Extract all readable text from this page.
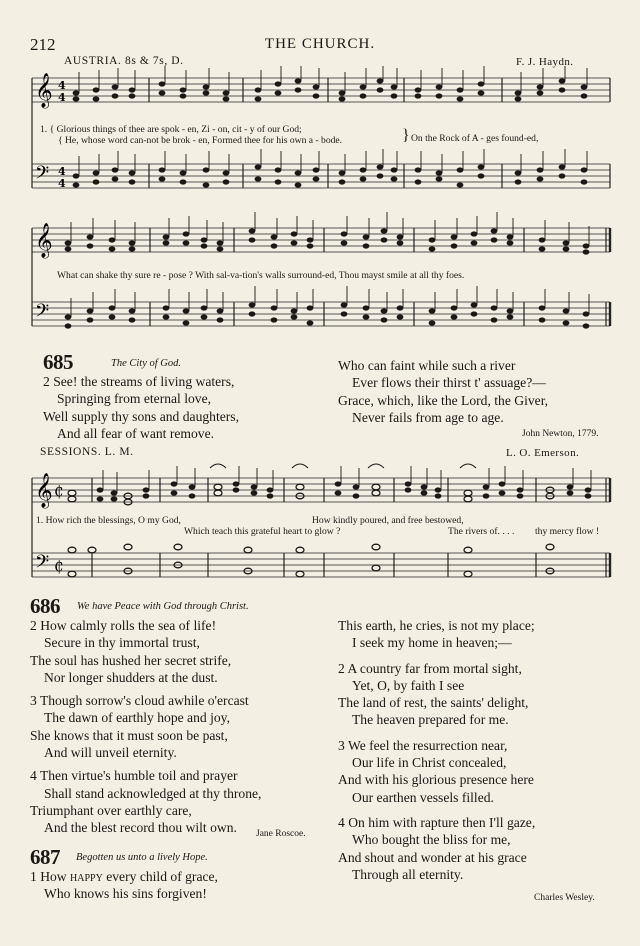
212	THE CHURCH.
AUSTRIA. 8s & 7s, D.	F. J. Haydn.
𝄞
𝄢
4
4
4
4
1. { Glorious things of thee are spok - en, Zi - on, cit - y of our God;
{ He, whose word can-not be brok - en, Formed thee for his own a - bode.	} On the Rock of A - ges found-ed,
𝄞
𝄢
What can shake thy sure re - pose ? With sal-va-tion's walls surround-ed, Thou mayst smile at all thy foes.
685	The City of God.
2 See! the streams of living waters,
Springing from eternal love,
Well supply thy sons and daughters,
And all fear of want remove.
Who can faint while such a river
Ever flows their thirst t' assuage?—
Grace, which, like the Lord, the Giver,
Never fails from age to age.
John Newton, 1779.
SESSIONS. L. M.	L. O. Emerson.
𝄞
𝄢
₵
₵
1. How rich the blessings, O my God,	How kindly poured, and free bestowed,
Which teach this grateful heart to glow ?	The rivers of. . . . thy mercy flow !
686 We have Peace with God through Christ.
2 How calmly rolls the sea of life!
Secure in thy immortal trust,
The soul has hushed her secret strife,
Nor longer shudders at the dust.
3 Though sorrow's cloud awhile o'ercast
The dawn of earthly hope and joy,
She knows that it must soon be past,
And will unveil eternity.
4 Then virtue's humble toil and prayer
Shall stand acknowledged at thy throne,
Triumphant over earthly care,
And the blest record thou wilt own.	Jane Roscoe.
687 Begotten us unto a lively Hope.
1 How happy every child of grace,
Who knows his sins forgiven!
This earth, he cries, is not my place;
I seek my home in heaven;—
2 A country far from mortal sight,
Yet, O, by faith I see
The land of rest, the saints' delight,
The heaven prepared for me.
3 We feel the resurrection near,
Our life in Christ concealed,
And with his glorious presence here
Our earthen vessels filled.
4 On him with rapture then I'll gaze,
Who bought the bliss for me,
And shout and wonder at his grace
Through all eternity.
Charles Wesley.
